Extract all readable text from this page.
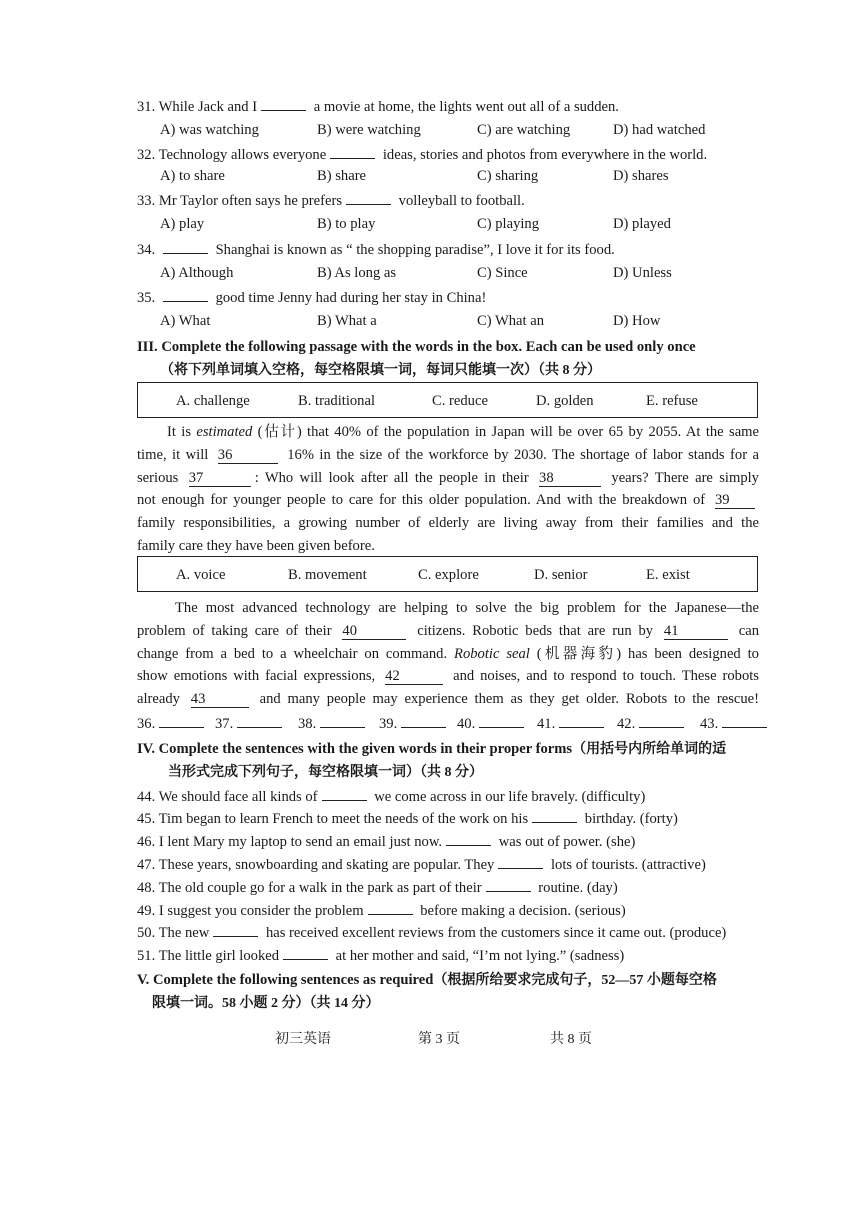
31. While Jack and I	a movie at home, the lights went out all of a sudden.
A) was watching	B) were watching	C) are watching	D) had watched
32. Technology allows everyone	ideas, stories and photos from everywhere in the world.
A) to share	B) share	C) sharing	D) shares
33. Mr Taylor often says he prefers	volleyball to football.
A) play	B) to play	C) playing	D) played
34.	Shanghai is known as “ the shopping paradise”, I love it for its food.
A) Although	B) As long as	C) Since	D) Unless
35.	good time Jenny had during her stay in China!
A) What	B) What a	C) What an	D) How
III. Complete the following passage with the words in the box. Each can be used only once
（将下列单词填入空格，每空格限填一词，每词只能填一次）（共 8 分）
A. challenge	B. traditional	C. reduce	D. golden	E. refuse
It is estimated (估计) that 40% of the population in Japan will be over 65 by 2055. At the same
time, it will 36	16% in the size of the workforce by 2030. The shortage of labor stands for a
serious 37	: Who will look after all the people in their 38	years? There are simply
not enough for younger people to care for this older population. And with the breakdown of 39
family responsibilities, a growing number of elderly are living away from their families and the
family care they have been given before.
A. voice	B. movement	C. explore	D. senior	E. exist
The most advanced technology are helping to solve the big problem for the Japanese—the
problem of taking care of their 40	citizens. Robotic beds that are run by 41	can
change from a bed to a wheelchair on command. Robotic seal (机器海豹) has been designed to
show emotions with facial expressions, 42	and noises, and to respond to touch. These robots
already 43	and many people may experience them as they get older. Robots to the rescue!
36.	37.	38.	39.	40.	41.	42.	43.
IV. Complete the sentences with the given words in their proper forms（用括号内所给单词的适
当形式完成下列句子，每空格限填一词）（共 8 分）
44. We should face all kinds of	we come across in our life bravely. (difficulty)
45. Tim began to learn French to meet the needs of the work on his	birthday. (forty)
46. I lent Mary my laptop to send an email just now.	was out of power. (she)
47. These years, snowboarding and skating are popular. They	lots of tourists. (attractive)
48. The old couple go for a walk in the park as part of their	routine. (day)
49. I suggest you consider the problem	before making a decision. (serious)
50. The new	has received excellent reviews from the customers since it came out. (produce)
51. The little girl looked	at her mother and said, “I’m not lying.” (sadness)
V. Complete the following sentences as required（根据所给要求完成句子，52—57 小题每空格
限填一词。58 小题 2 分）（共 14 分）
初三英语	第 3 页	共 8 页
